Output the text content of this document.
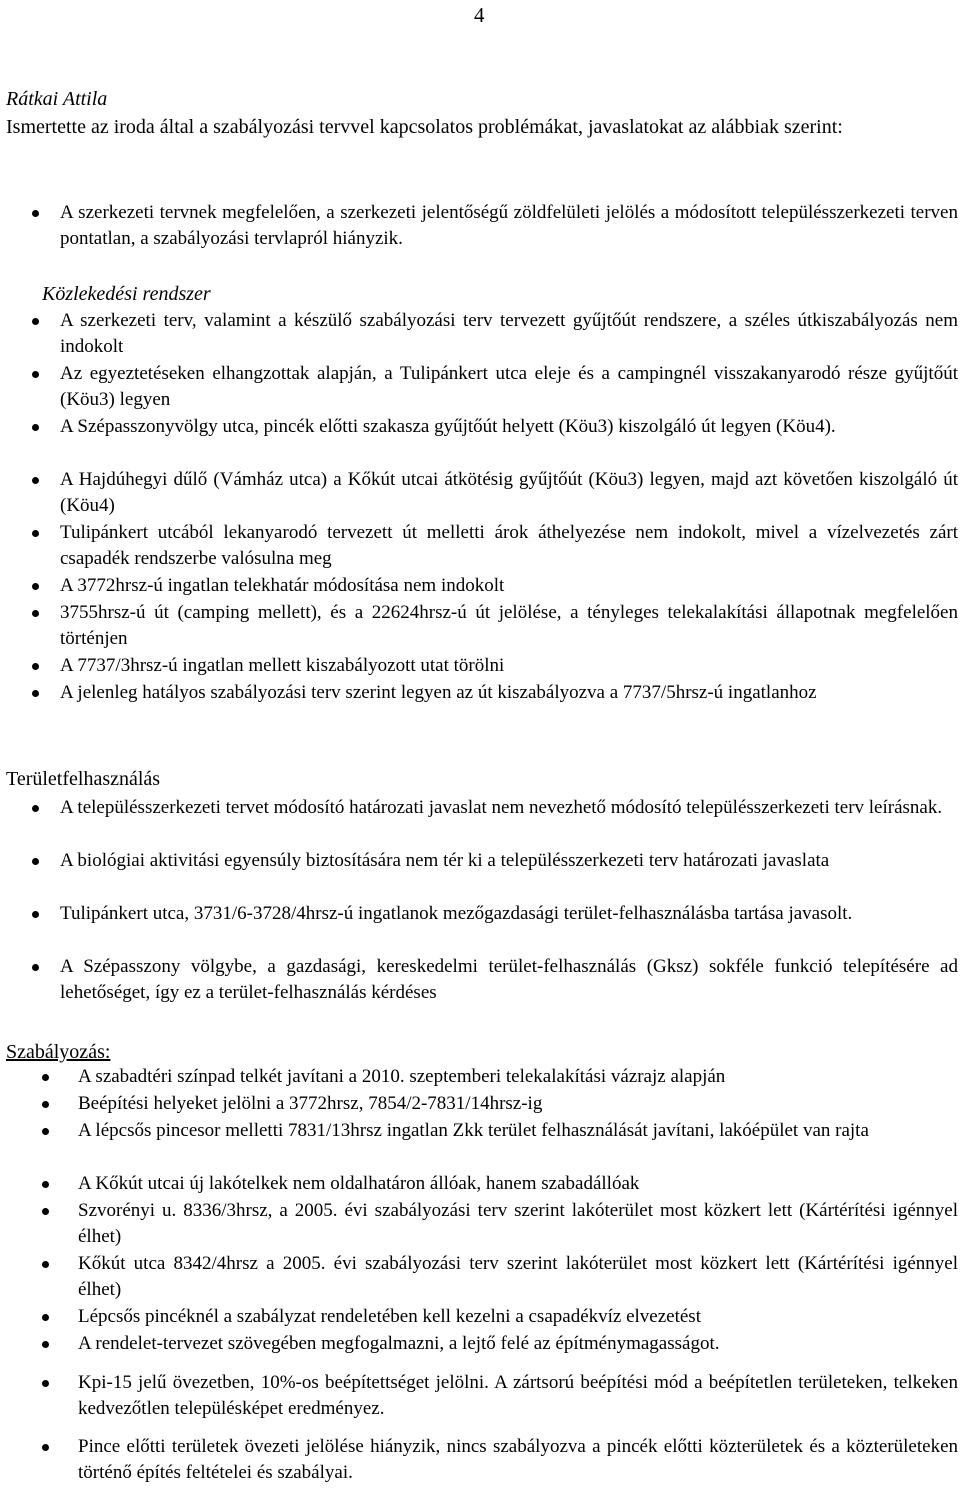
4
Rátkai Attila
Ismertette az iroda által a szabályozási tervvel kapcsolatos problémákat, javaslatokat az alábbiak szerint:
A szerkezeti tervnek megfelelően, a szerkezeti jelentőségű zöldfelületi jelölés a módosított településszerkezeti terven pontatlan, a szabályozási tervlapról hiányzik.
Közlekedési rendszer
A szerkezeti terv, valamint a készülő szabályozási terv tervezett gyűjtőút rendszere, a széles útkiszabályozás nem indokolt
Az egyeztetéseken elhangzottak alapján, a Tulipánkert utca eleje és a campingnél visszakanyarodó része gyűjtőút (Köu3) legyen
A Szépasszonyvölgy utca, pincék előtti szakasza gyűjtőút helyett (Köu3) kiszolgáló út legyen (Köu4).
A Hajdúhegyi dűlő (Vámház utca) a Kőkút utcai átkötésig gyűjtőút (Köu3) legyen, majd azt követően kiszolgáló út (Köu4)
Tulipánkert utcából lekanyarodó tervezett út melletti árok áthelyezése nem indokolt, mivel a vízelvezetés zárt csapadék rendszerbe valósulna meg
A 3772hrsz-ú ingatlan telekhatár módosítása nem indokolt
3755hrsz-ú út (camping mellett), és a 22624hrsz-ú út jelölése, a tényleges telekalakítási állapotnak megfelelően történjen
A 7737/3hrsz-ú ingatlan mellett kiszabályozott utat törölni
A jelenleg hatályos szabályozási terv szerint legyen az út kiszabályozva a 7737/5hrsz-ú ingatlanhoz
Területfelhasználás
A településszerkezeti tervet módosító határozati javaslat nem nevezhető módosító településszerkezeti terv leírásnak.
A biológiai aktivitási egyensúly biztosítására nem tér ki a településszerkezeti terv határozati javaslata
Tulipánkert utca, 3731/6-3728/4hrsz-ú ingatlanok mezőgazdasági terület-felhasználásba tartása javasolt.
A Szépasszony völgybe, a gazdasági, kereskedelmi terület-felhasználás (Gksz) sokféle funkció telepítésére ad lehetőséget, így ez a terület-felhasználás kérdéses
Szabályozás:
A szabadtéri színpad telkét javítani a 2010. szeptemberi telekalakítási vázrajz alapján
Beépítési helyeket jelölni a 3772hrsz, 7854/2-7831/14hrsz-ig
A lépcsős pincesor melletti 7831/13hrsz ingatlan Zkk terület felhasználását javítani, lakóépület van rajta
A Kőkút utcai új lakótelkek nem oldalhatáron állóak, hanem szabadállóak
Szvorényi u. 8336/3hrsz, a 2005. évi szabályozási terv szerint lakóterület most közkert lett (Kártérítési igénnyel élhet)
Kőkút utca 8342/4hrsz a 2005. évi szabályozási terv szerint lakóterület most közkert lett (Kártérítési igénnyel élhet)
Lépcsős pincéknél a szabályzat rendeletében kell kezelni a csapadékvíz elvezetést
A rendelet-tervezet szövegében megfogalmazni, a lejtő felé az építménymagasságot.
Kpi-15 jelű övezetben, 10%-os beépítettséget jelölni. A zártsorú beépítési mód a beépítetlen területeken, telkeken kedvezőtlen településképet eredményez.
Pince előtti területek övezeti jelölése hiányzik, nincs szabályozva a pincék előtti közterületek és a közterületeken történő építés feltételei és szabályai.
